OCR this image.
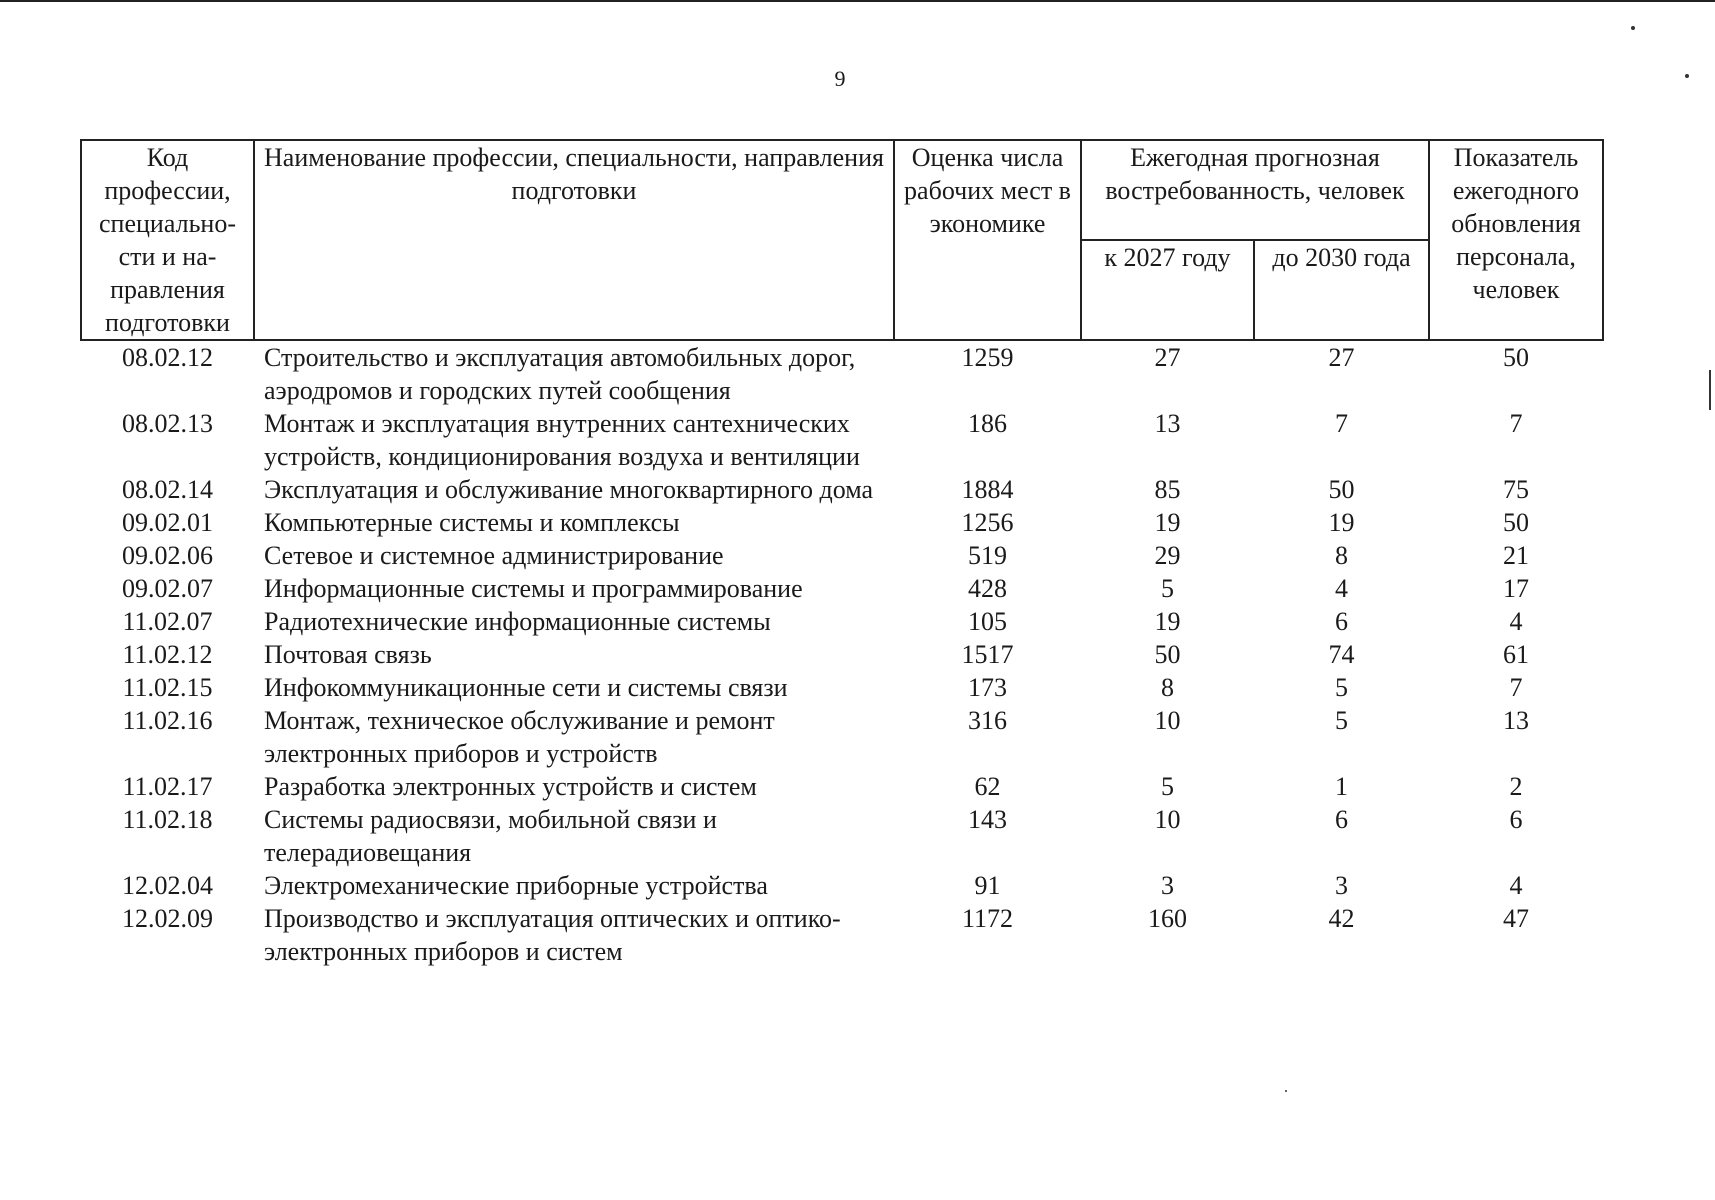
9
Код профессии, специально-сти и на-правления подготовки	Наименование профессии, специальности, направления подготовки	Оценка числа рабочих мест в экономике	Ежегодная прогнозная востребованность, человек		Показатель ежегодного обновления персонала, человек
			к 2027 году	до 2030 года	
08.02.12	Строительство и эксплуатация автомобильных дорог, аэродромов и городских путей сообщения	1259	27	27	50
08.02.13	Монтаж и эксплуатация внутренних сантехнических устройств, кондиционирования воздуха и вентиляции	186	13	7	7
08.02.14	Эксплуатация и обслуживание многоквартирного дома	1884	85	50	75
09.02.01	Компьютерные системы и комплексы	1256	19	19	50
09.02.06	Сетевое и системное администрирование	519	29	8	21
09.02.07	Информационные системы и программирование	428	5	4	17
11.02.07	Радиотехнические информационные системы	105	19	6	4
11.02.12	Почтовая связь	1517	50	74	61
11.02.15	Инфокоммуникационные сети и системы связи	173	8	5	7
11.02.16	Монтаж, техническое обслуживание и ремонт электронных приборов и устройств	316	10	5	13
11.02.17	Разработка электронных устройств и систем	62	5	1	2
11.02.18	Системы радиосвязи, мобильной связи и телерадиовещания	143	10	6	6
12.02.04	Электромеханические приборные устройства	91	3	3	4
12.02.09	Производство и эксплуатация оптических и оптико-электронных приборов и систем	1172	160	42	47
